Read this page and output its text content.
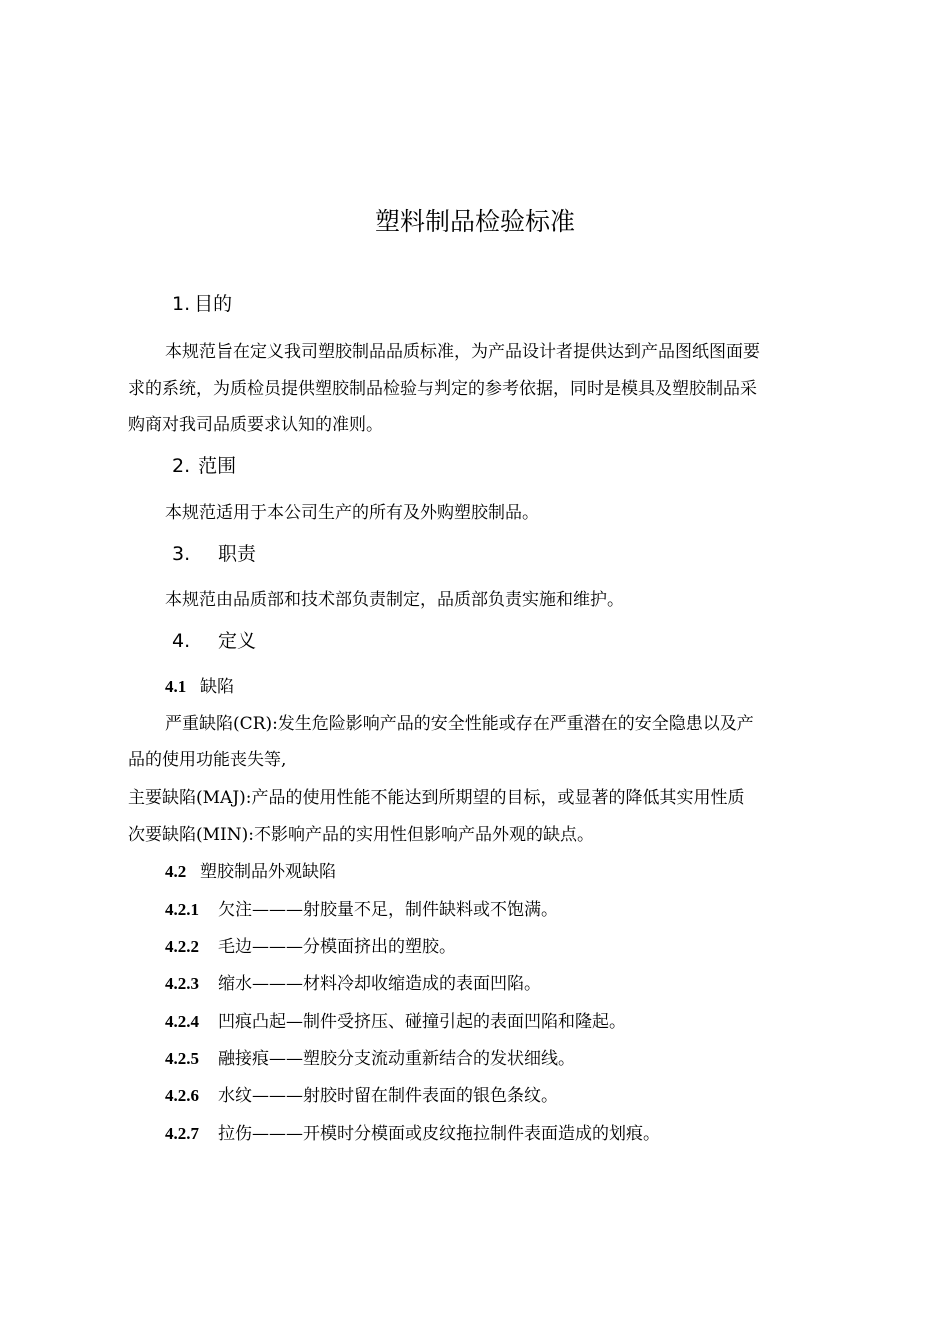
塑料制品检验标准
1. 目的
本规范旨在定义我司塑胶制品品质标准，为产品设计者提供达到产品图纸图面要
求的系统，为质检员提供塑胶制品检验与判定的参考依据，同时是模具及塑胶制品采
购商对我司品质要求认知的准则。
2. 范围
本规范适用于本公司生产的所有及外购塑胶制品。
3. 职责
本规范由品质部和技术部负责制定，品质部负责实施和维护。
4. 定义
4.1 缺陷
严重缺陷(CR):发生危险影响产品的安全性能或存在严重潜在的安全隐患以及产
品的使用功能丧失等,
主要缺陷(MAJ):产品的使用性能不能达到所期望的目标，或显著的降低其实用性质
次要缺陷(MIN):不影响产品的实用性但影响产品外观的缺点。
4.2 塑胶制品外观缺陷
4.2.1 欠注———射胶量不足，制件缺料或不饱满。
4.2.2 毛边———分模面挤出的塑胶。
4.2.3 缩水———材料冷却收缩造成的表面凹陷。
4.2.4 凹痕凸起—制件受挤压、碰撞引起的表面凹陷和隆起。
4.2.5 融接痕——塑胶分支流动重新结合的发状细线。
4.2.6 水纹———射胶时留在制件表面的银色条纹。
4.2.7 拉伤———开模时分模面或皮纹拖拉制件表面造成的划痕。
